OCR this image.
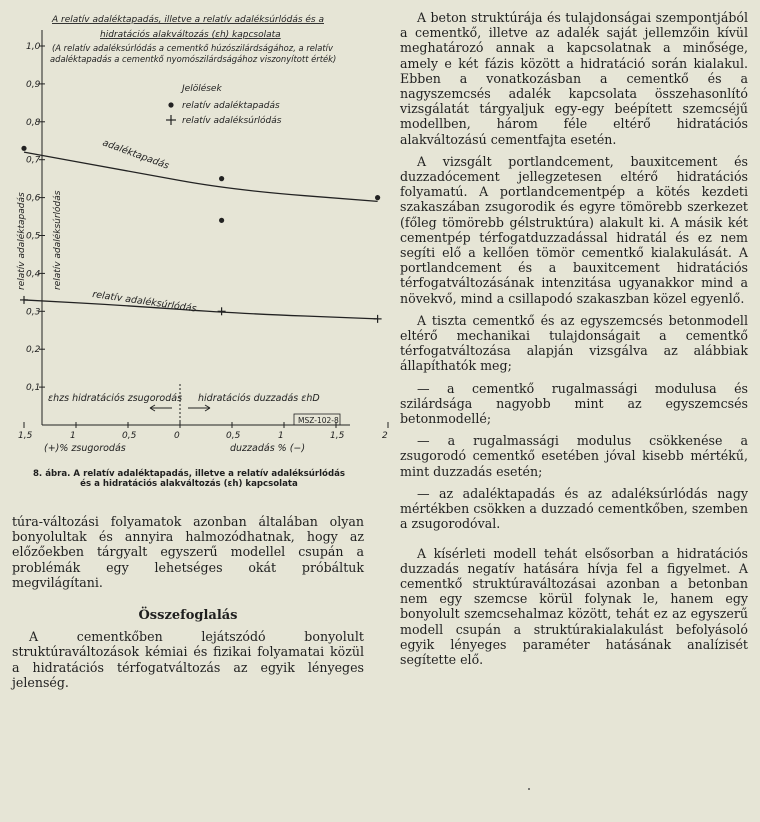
0,1
0,2
0,3
0,4
0,5
0,6
0,7
0,8
0,9
1,0
1,5	1	0,5	0	0,5	1	1,5	2
A relatív adaléktapadás, illetve a relatív adaléksúrlódás és a
hidratációs alakváltozás (εh) kapcsolata
(A relatív adaléksúrlódás a cementkő húzószilárdságához, a relatív
adaléktapadás a cementkő nyomószilárdságához viszonyított érték)
Jelölések
relatív adaléktapadás
relatív adaléksúrlódás
relatív adaléktapadás	relatív adaléksúrlódás
adaléktapadás
relatív adaléksúrlódás
εhzs hidratációs zsugorodás hidratációs duzzadás εhD
(+)% zsugorodás	duzzadás % (−)
MSZ-102-8
8. ábra. A relatív adaléktapadás, illetve a relatív adaléksúrlódás
és a hidratációs alakváltozás (εh) kapcsolata

túra-változási folyamatok azonban általában olyan bonyolultak és annyira halmozódhatnak, hogy az előzőekben tárgyalt egyszerű modellel csupán a problémák egy lehetséges okát próbáltuk megvilágítani.

Összefoglalás

A cementkőben lejátszódó bonyolult struktúraváltozások kémiai és fizikai folyamatai közül a hidratációs térfogatváltozás az egyik lényeges jelenség.

A beton struktúrája és tulajdonságai szempontjából a cementkő, illetve az adalék saját jellemzőin kívül meghatározó annak a kapcsolatnak a minősége, amely e két fázis között a hidratáció során kialakul. Ebben a vonatkozásban a cementkő és a nagyszemcsés adalék kapcsolata összehasonlító vizsgálatát tárgyaljuk egy-egy beépített szemcséjű modellben, három féle eltérő hidratációs alakváltozású cementfajta esetén.

A vizsgált portlandcement, bauxitcement és duzzadócement jellegzetesen eltérő hidratációs folyamatú. A portlandcementpép a kötés kezdeti szakaszában zsugorodik és egyre tömörebb szerkezet (főleg tömörebb gélstruktúra) alakult ki. A másik két cementpép térfogatduzzadással hidratál és ez nem segíti elő a kellően tömör cementkő kialakulását. A portlandcement és a bauxitcement hidratációs térfogatváltozásának intenzitása ugyanakkor mind a növekvő, mind a csillapodó szakaszban közel egyenlő.

A tiszta cementkő és az egyszemcsés betonmodell eltérő mechanikai tulajdonságait a cementkő térfogatváltozása alapján vizsgálva az alábbiak állapíthatók meg;

— a cementkő rugalmassági modulusa és szilárdsága nagyobb mint az egyszemcsés betonmodellé;

— a rugalmassági modulus csökkenése a zsugorodó cementkő esetében jóval kisebb mértékű, mint duzzadás esetén;

— az adaléktapadás és az adaléksúrlódás nagy mértékben csökken a duzzadó cementkőben, szemben a zsugorodóval.

A kísérleti modell tehát elsősorban a hidratációs duzzadás negatív hatására hívja fel a figyelmet. A cementkő struktúraváltozásai azonban a betonban nem egy szemcse körül folynak le, hanem egy bonyolult szemcsehalmaz között, tehát ez az egyszerű modell csupán a struktúrakialakulást befolyásoló egyik lényeges paraméter hatásának analízisét segítette elő.
